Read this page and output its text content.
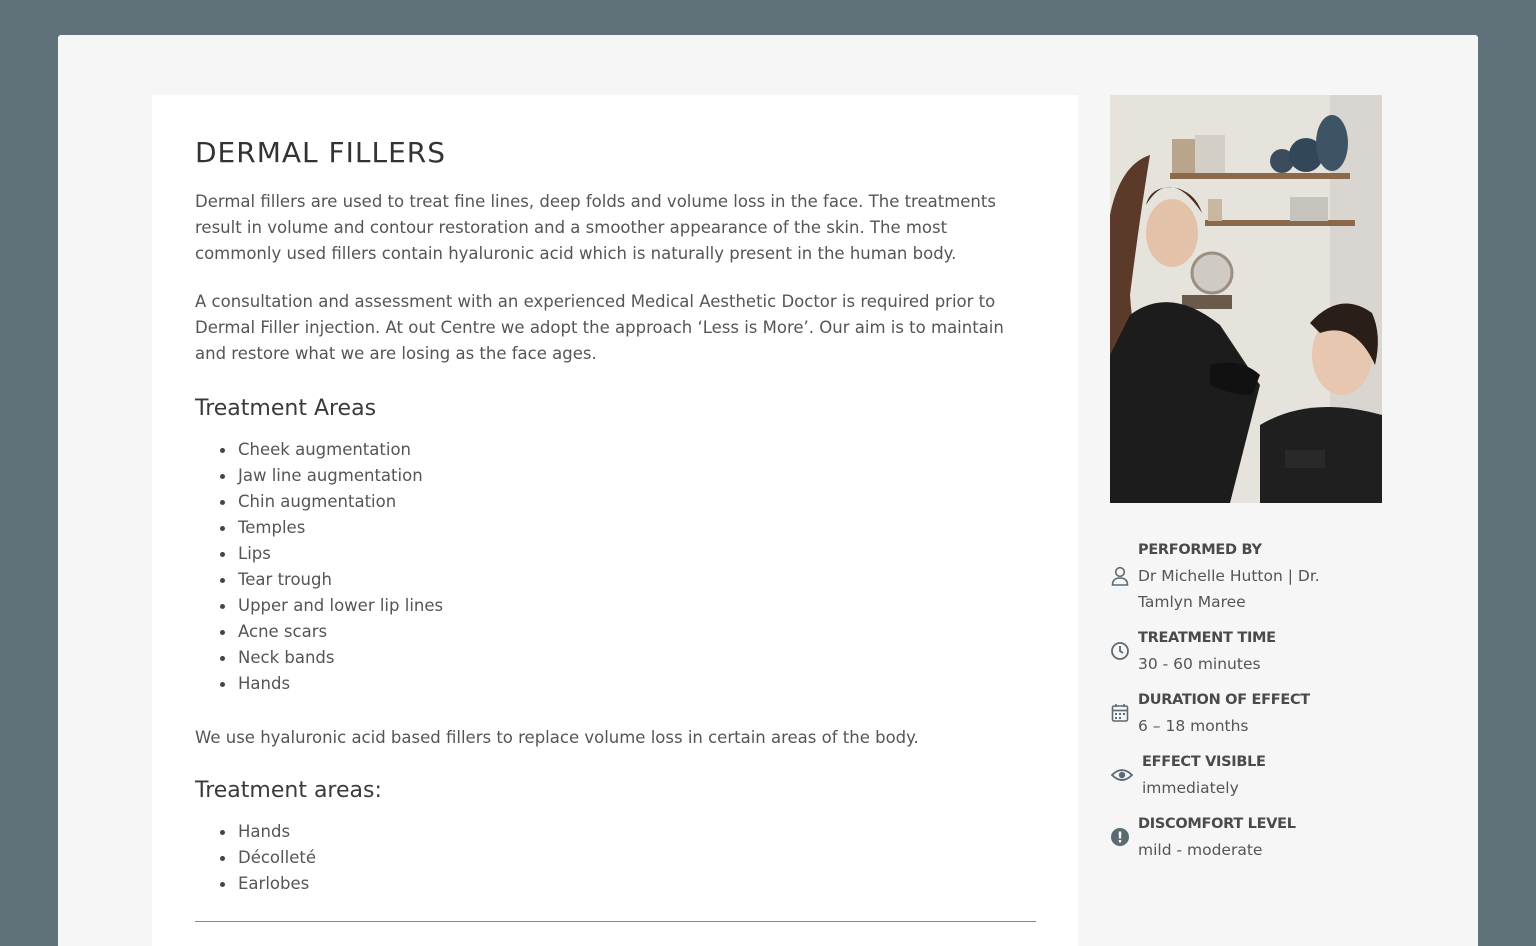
DERMAL FILLERS

Dermal fillers are used to treat fine lines, deep folds and volume loss in the face. The treatments result in volume and contour restoration and a smoother appearance of the skin. The most commonly used fillers contain hyaluronic acid which is naturally present in the human body.

A consultation and assessment with an experienced Medical Aesthetic Doctor is required prior to Dermal Filler injection. At out Centre we adopt the approach ‘Less is More’. Our aim is to maintain and restore what we are losing as the face ages.

Treatment Areas
Cheek augmentation
Jaw line augmentation
Chin augmentation
Temples
Lips
Tear trough
Upper and lower lip lines
Acne scars
Neck bands
Hands

We use hyaluronic acid based fillers to replace volume loss in certain areas of the body.

Treatment areas:
Hands
Décolleté
Earlobes
PERFORMED BY
Dr Michelle Hutton | Dr. Tamlyn Maree
TREATMENT TIME
30 - 60 minutes
DURATION OF EFFECT
6 – 18 months
EFFECT VISIBLE
immediately
DISCOMFORT LEVEL
mild - moderate
